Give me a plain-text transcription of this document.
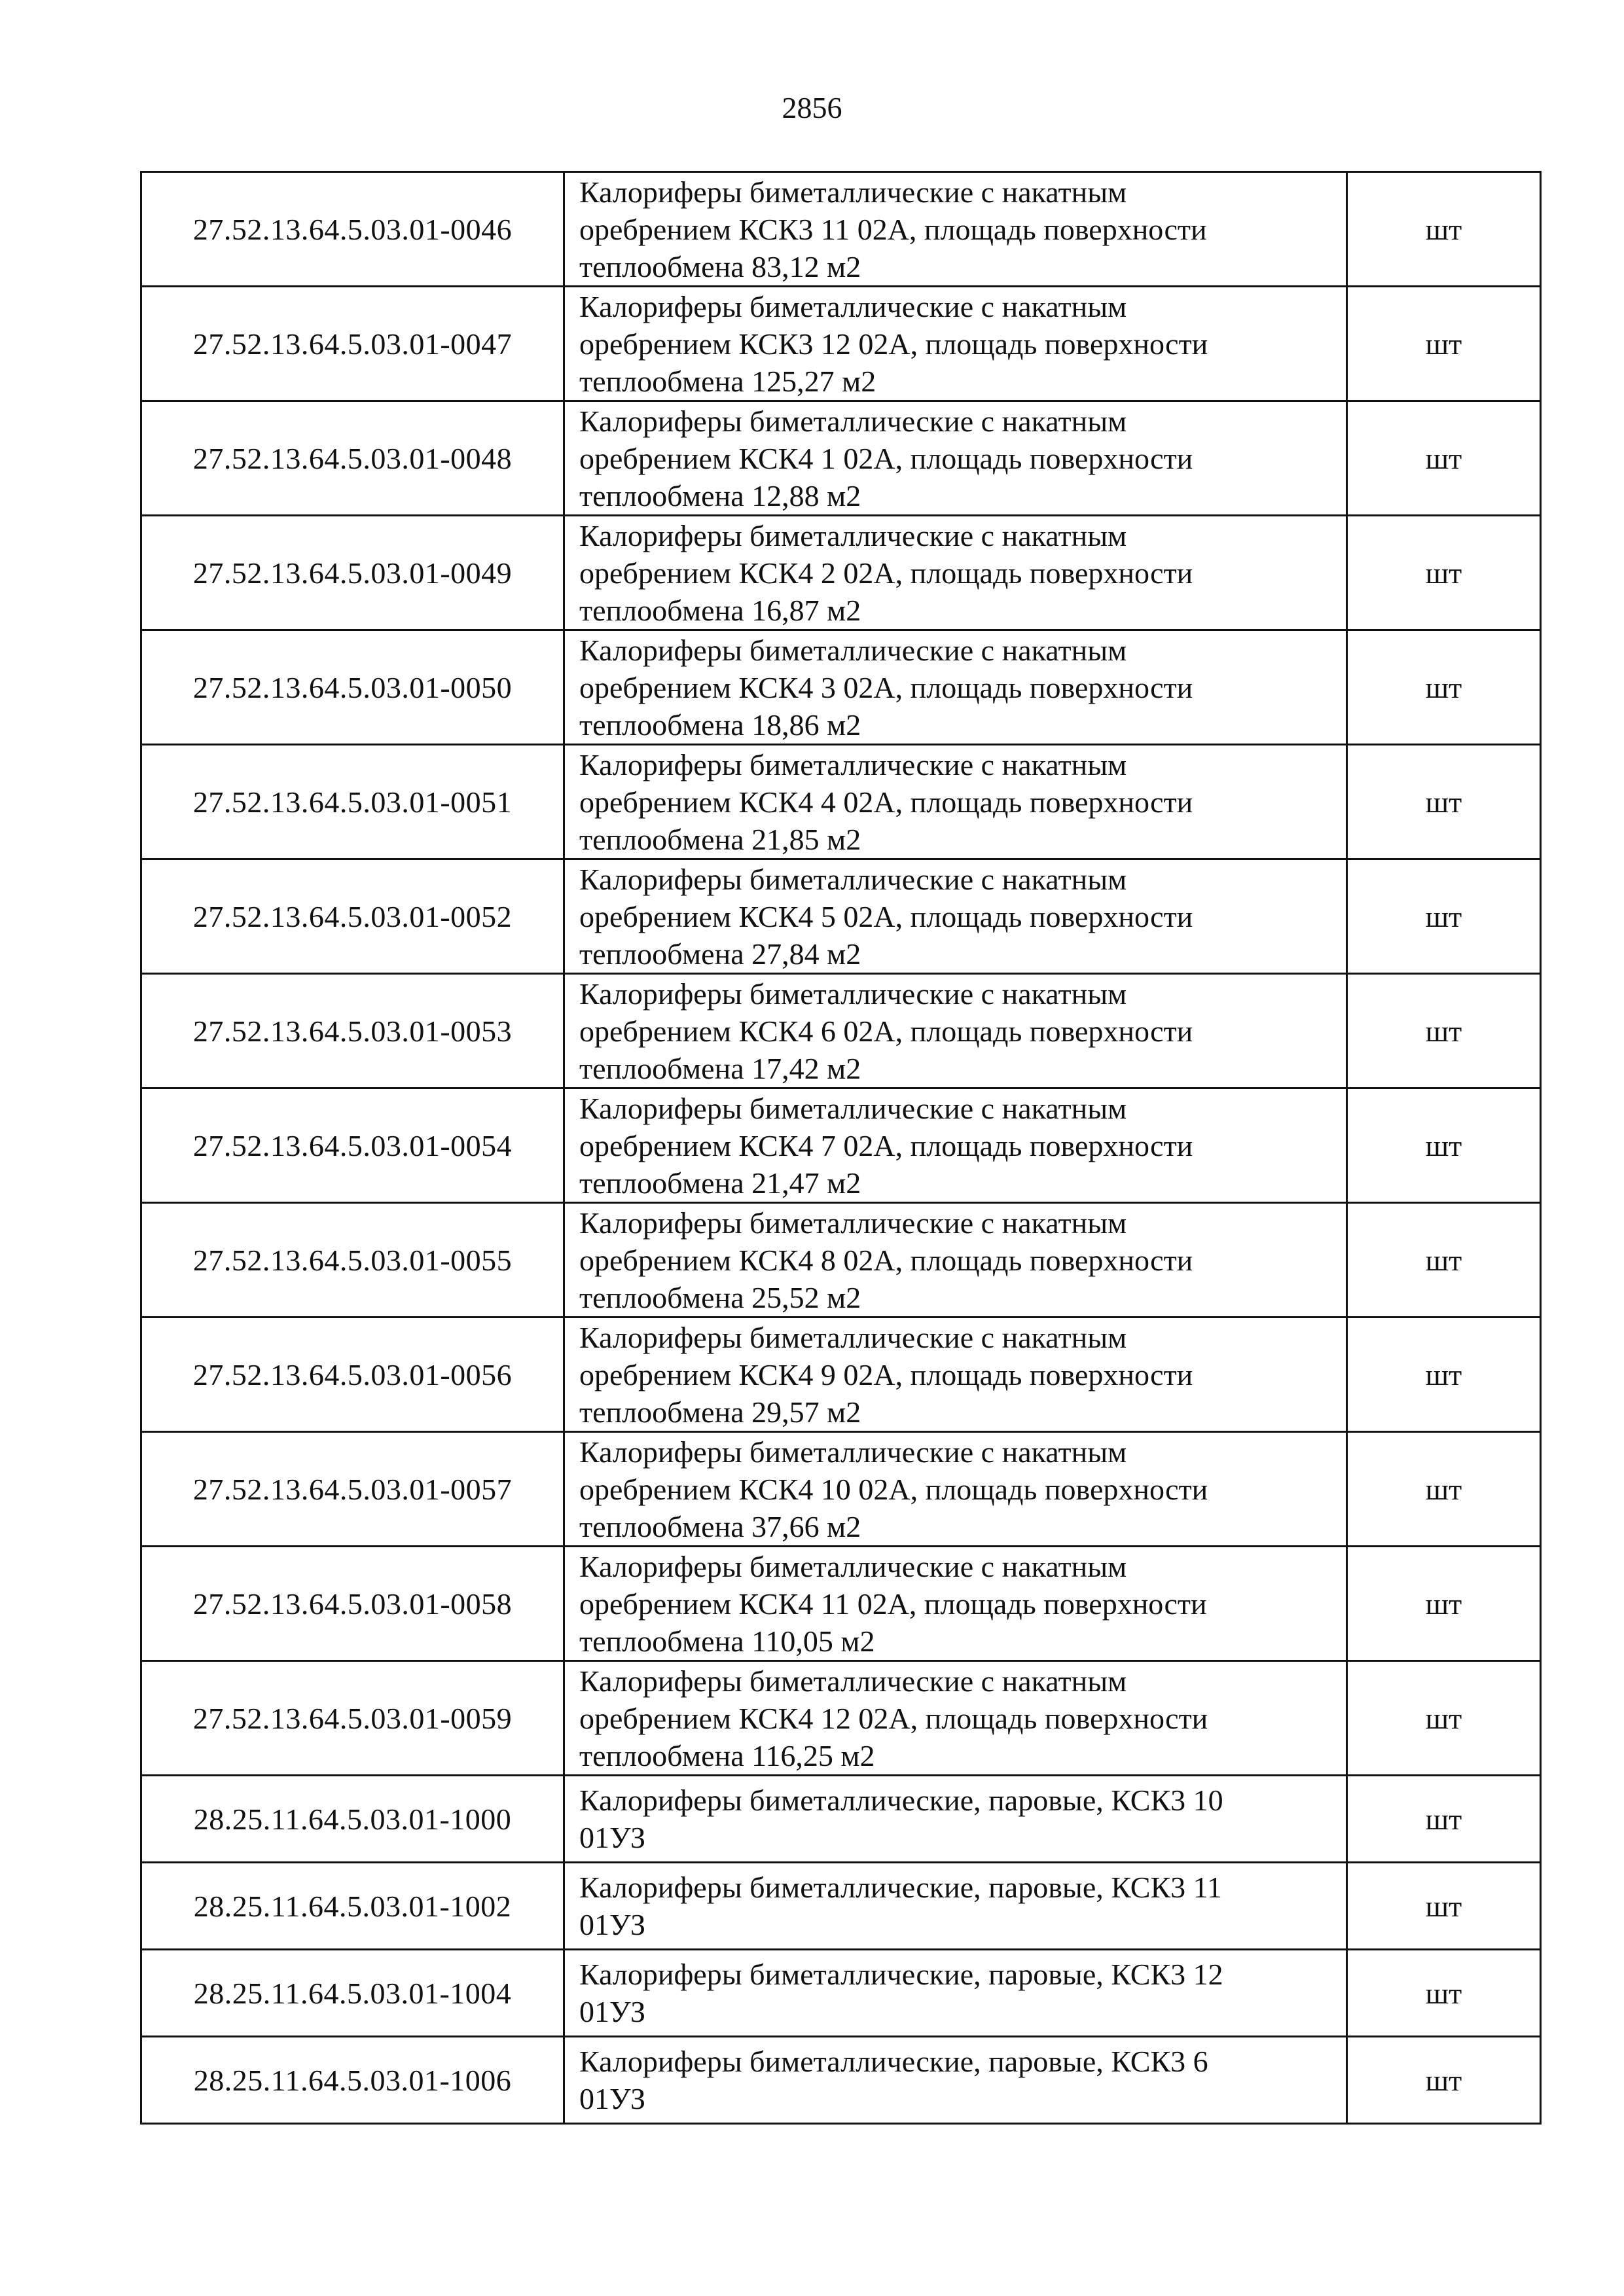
2856
27.52.13.64.5.03.01-0046	Калориферы биметаллические с накатным
оребрением КСК3 11 02А, площадь поверхности
теплообмена 83,12 м2	шт
27.52.13.64.5.03.01-0047	Калориферы биметаллические с накатным
оребрением КСК3 12 02А, площадь поверхности
теплообмена 125,27 м2	шт
27.52.13.64.5.03.01-0048	Калориферы биметаллические с накатным
оребрением КСК4 1 02А, площадь поверхности
теплообмена 12,88 м2	шт
27.52.13.64.5.03.01-0049	Калориферы биметаллические с накатным
оребрением КСК4 2 02А, площадь поверхности
теплообмена 16,87 м2	шт
27.52.13.64.5.03.01-0050	Калориферы биметаллические с накатным
оребрением КСК4 3 02А, площадь поверхности
теплообмена 18,86 м2	шт
27.52.13.64.5.03.01-0051	Калориферы биметаллические с накатным
оребрением КСК4 4 02А, площадь поверхности
теплообмена 21,85 м2	шт
27.52.13.64.5.03.01-0052	Калориферы биметаллические с накатным
оребрением КСК4 5 02А, площадь поверхности
теплообмена 27,84 м2	шт
27.52.13.64.5.03.01-0053	Калориферы биметаллические с накатным
оребрением КСК4 6 02А, площадь поверхности
теплообмена 17,42 м2	шт
27.52.13.64.5.03.01-0054	Калориферы биметаллические с накатным
оребрением КСК4 7 02А, площадь поверхности
теплообмена 21,47 м2	шт
27.52.13.64.5.03.01-0055	Калориферы биметаллические с накатным
оребрением КСК4 8 02А, площадь поверхности
теплообмена 25,52 м2	шт
27.52.13.64.5.03.01-0056	Калориферы биметаллические с накатным
оребрением КСК4 9 02А, площадь поверхности
теплообмена 29,57 м2	шт
27.52.13.64.5.03.01-0057	Калориферы биметаллические с накатным
оребрением КСК4 10 02А, площадь поверхности
теплообмена 37,66 м2	шт
27.52.13.64.5.03.01-0058	Калориферы биметаллические с накатным
оребрением КСК4 11 02А, площадь поверхности
теплообмена 110,05 м2	шт
27.52.13.64.5.03.01-0059	Калориферы биметаллические с накатным
оребрением КСК4 12 02А, площадь поверхности
теплообмена 116,25 м2	шт
28.25.11.64.5.03.01-1000	Калориферы биметаллические, паровые, КСК3 10
01УЗ	шт
28.25.11.64.5.03.01-1002	Калориферы биметаллические, паровые, КСК3 11
01УЗ	шт
28.25.11.64.5.03.01-1004	Калориферы биметаллические, паровые, КСК3 12
01УЗ	шт
28.25.11.64.5.03.01-1006	Калориферы биметаллические, паровые, КСК3 6
01УЗ	шт
